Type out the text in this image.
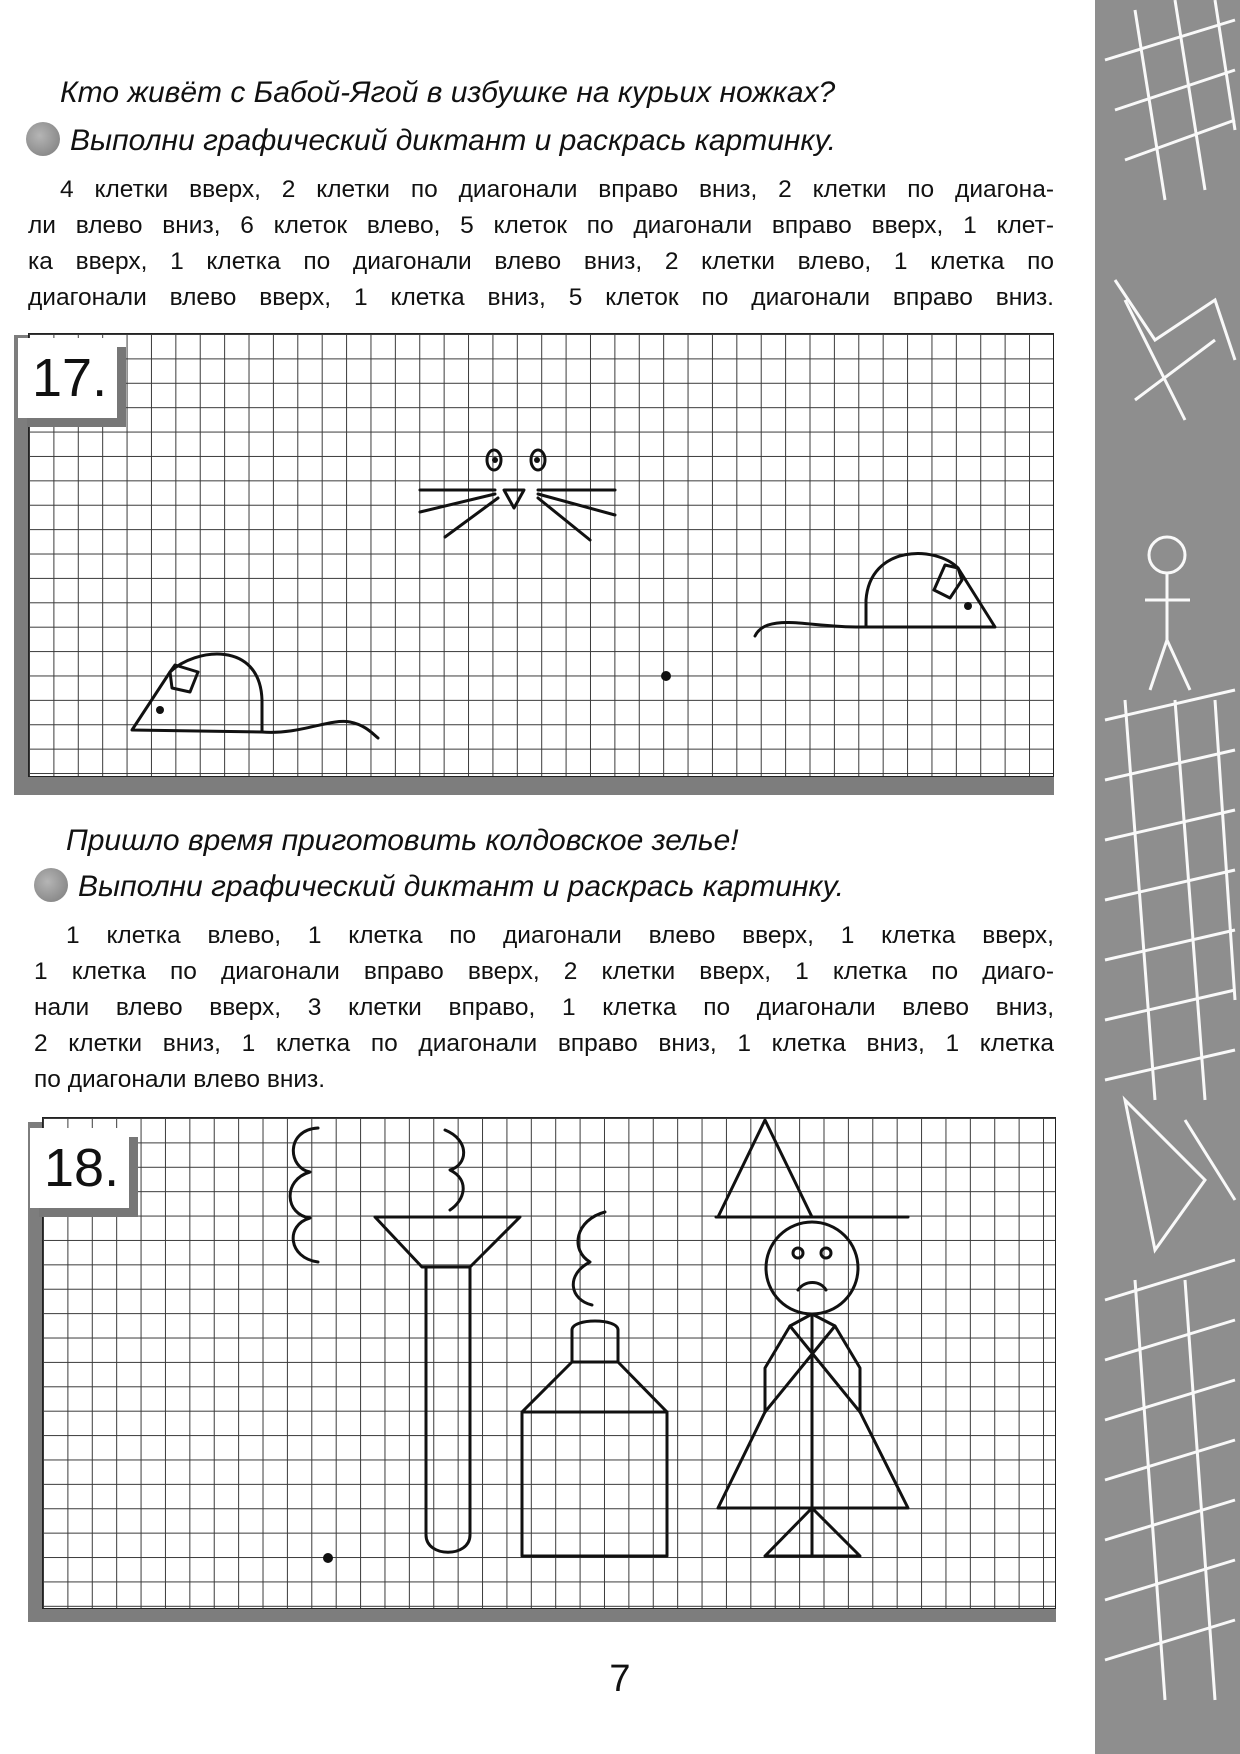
Кто живёт с Бабой-Ягой в избушке на курьих ножках?
Выполни графический диктант и раскрась картинку.
4 клетки вверх, 2 клетки по диагонали вправо вниз, 2 клетки по диагона-
ли влево вниз, 6 клеток влево, 5 клеток по диагонали вправо вверх, 1 клет-
ка вверх, 1 клетка по диагонали влево вниз, 2 клетки влево, 1 клетка по
диагонали влево вверх, 1 клетка вниз, 5 клеток по диагонали вправо вниз.
17.
Пришло время приготовить колдовское зелье!
Выполни графический диктант и раскрась картинку.
1 клетка влево, 1 клетка по диагонали влево вверх, 1 клетка вверх,
1 клетка по диагонали вправо вверх, 2 клетки вверх, 1 клетка по диаго-
нали влево вверх, 3 клетки вправо, 1 клетка по диагонали влево вниз,
2 клетки вниз, 1 клетка по диагонали вправо вниз, 1 клетка вниз, 1 клетка
по диагонали влево вниз.
18.
7
